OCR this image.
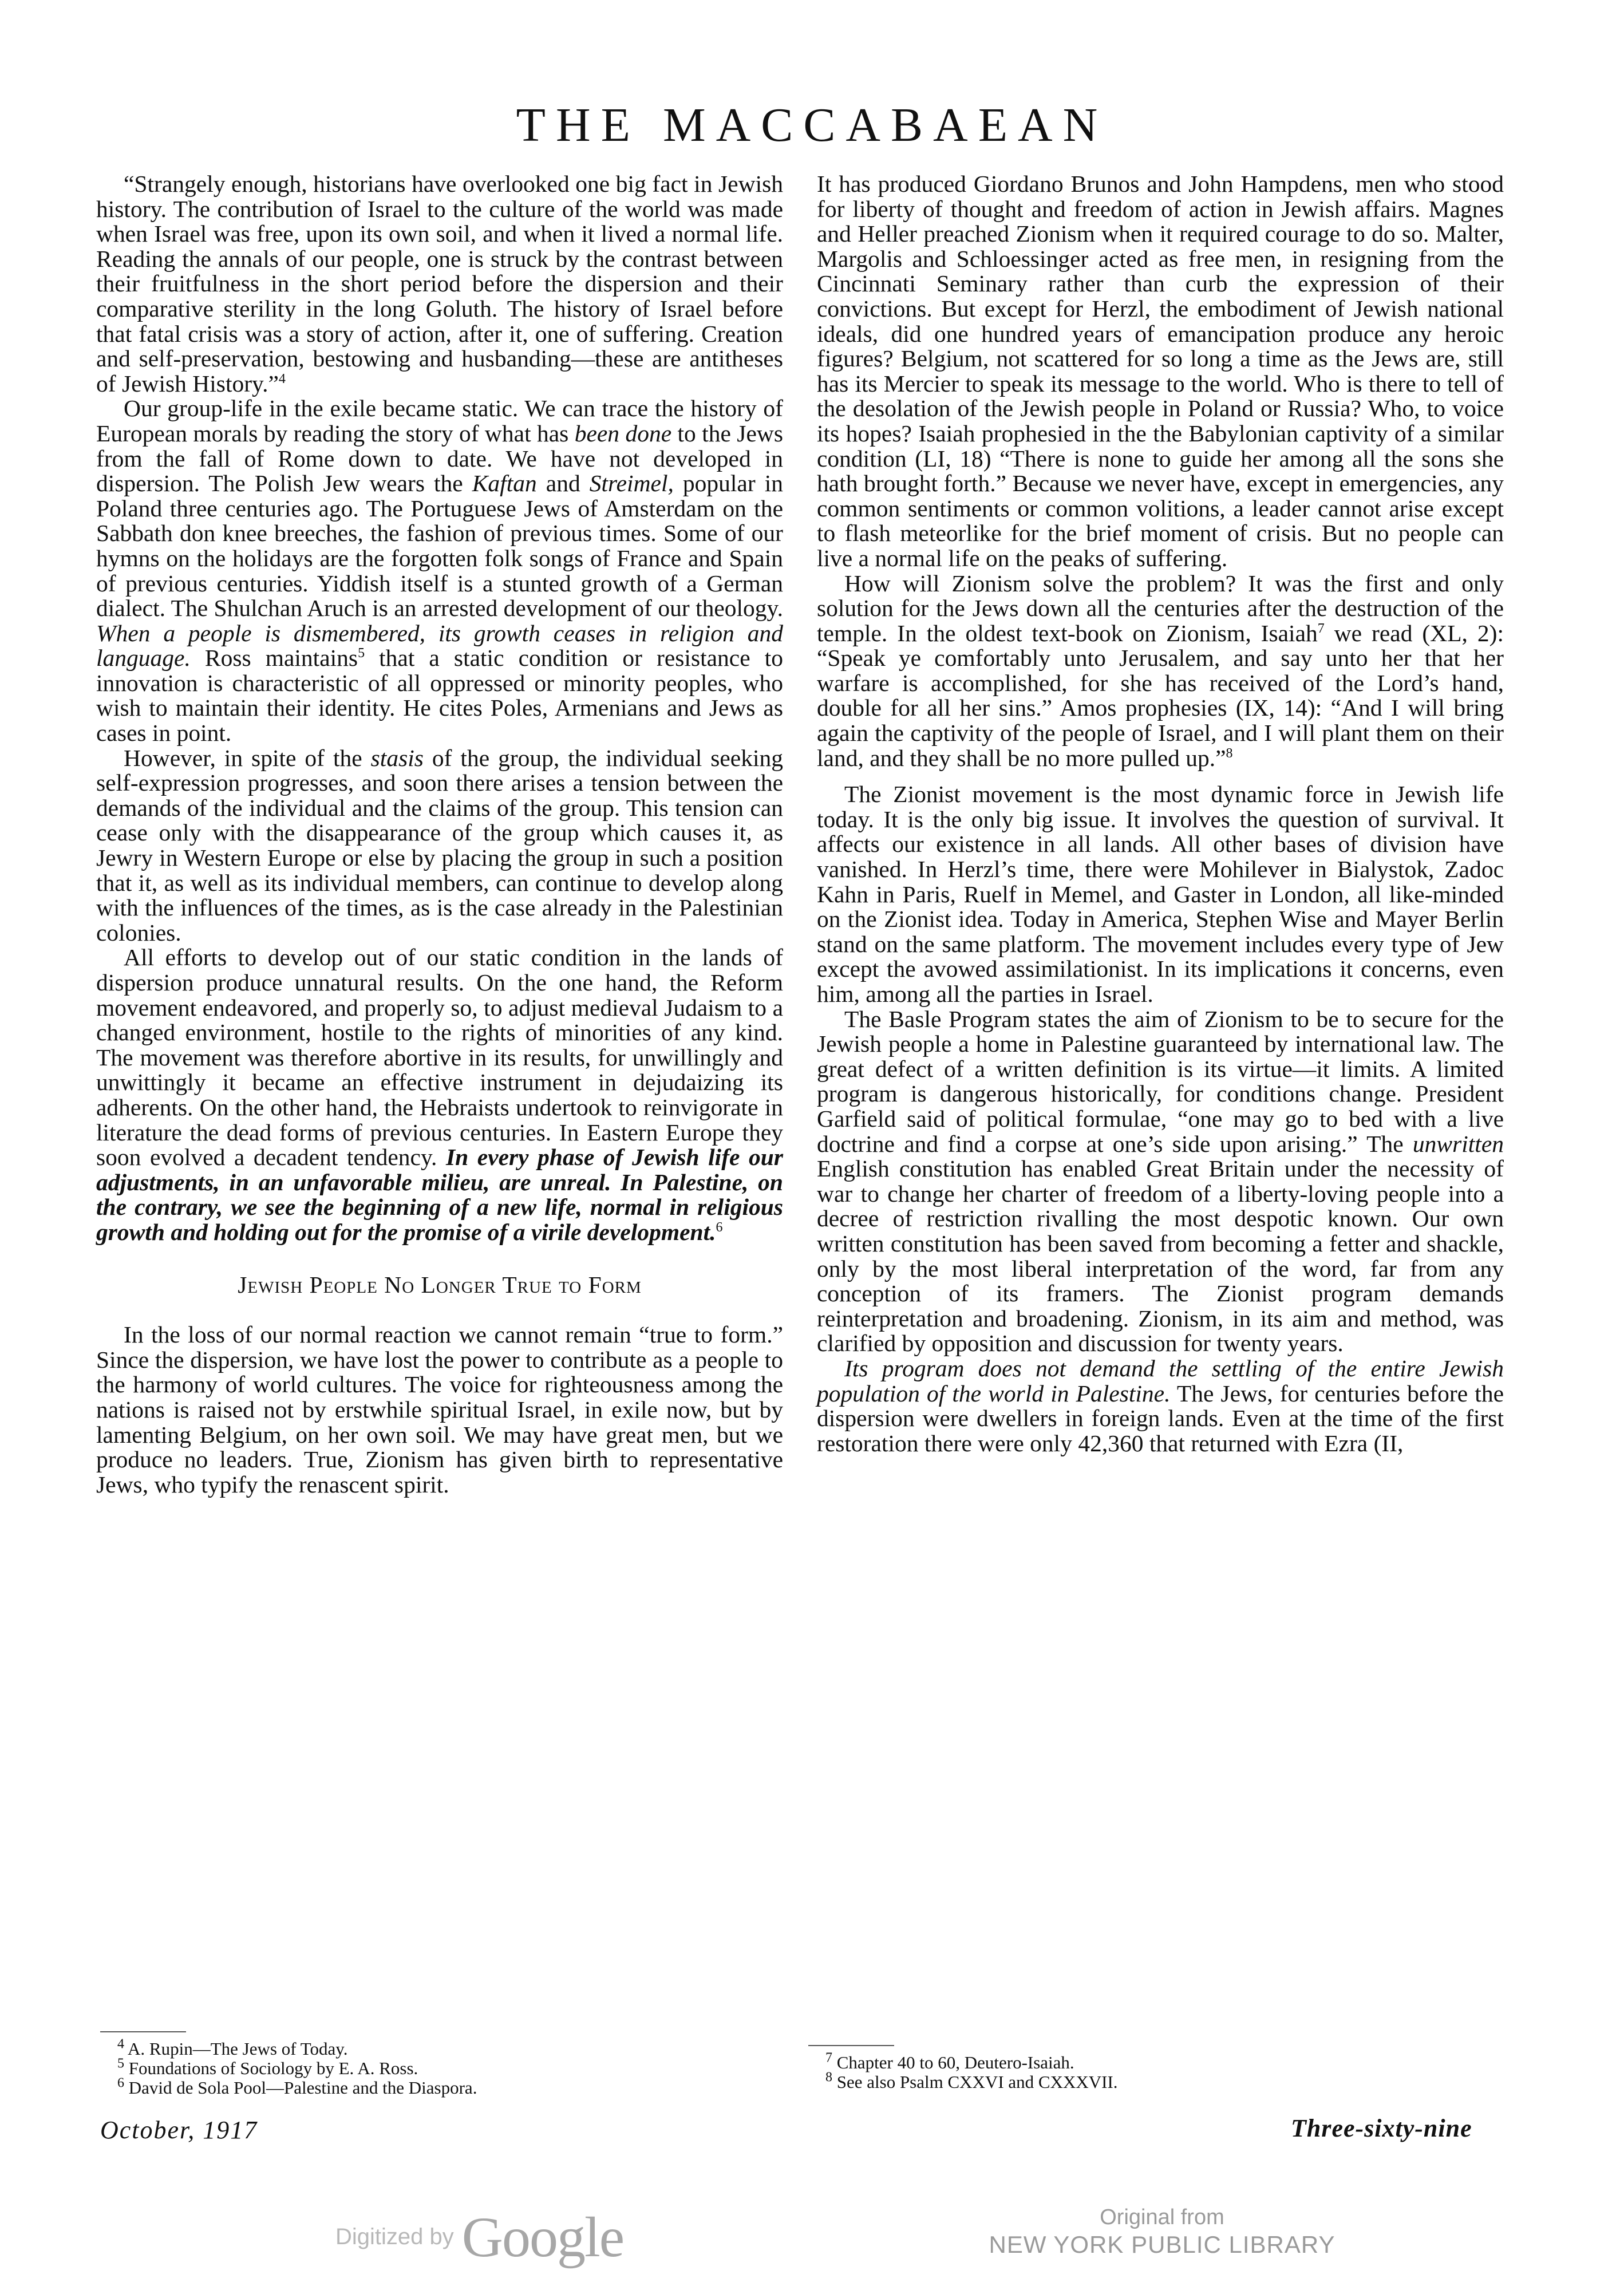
THE MACCABAEAN

“Strangely enough, historians have overlooked one big fact in Jewish history. The contribution of Israel to the culture of the world was made when Israel was free, upon its own soil, and when it lived a normal life. Reading the annals of our people, one is struck by the contrast between their fruitfulness in the short period before the dispersion and their comparative sterility in the long Goluth. The history of Israel before that fatal crisis was a story of action, after it, one of suffering. Creation and self-preservation, bestowing and husbanding—these are antitheses of Jewish History.”$^4$

Our group-life in the exile became static. We can trace the history of European morals by reading the story of what has been done to the Jews from the fall of Rome down to date. We have not developed in dispersion. The Polish Jew wears the Kaftan and Streimel, popular in Poland three centuries ago. The Portuguese Jews of Amsterdam on the Sabbath don knee breeches, the fashion of previous times. Some of our hymns on the holidays are the forgotten folk songs of France and Spain of previous centuries. Yiddish itself is a stunted growth of a German dialect. The Shulchan Aruch is an arrested development of our theology. When a people is dismembered, its growth ceases in religion and language. Ross maintains$^5$ that a static condition or resistance to innovation is characteristic of all oppressed or minority peoples, who wish to maintain their identity. He cites Poles, Armenians and Jews as cases in point.

However, in spite of the stasis of the group, the individual seeking self-expression progresses, and soon there arises a tension between the demands of the individual and the claims of the group. This tension can cease only with the disappearance of the group which causes it, as Jewry in Western Europe or else by placing the group in such a position that it, as well as its individual members, can continue to develop along with the influences of the times, as is the case already in the Palestinian colonies.

All efforts to develop out of our static condition in the lands of dispersion produce unnatural results. On the one hand, the Reform movement endeavored, and properly so, to adjust medieval Judaism to a changed environment, hostile to the rights of minorities of any kind. The movement was therefore abortive in its results, for unwillingly and unwittingly it became an effective instrument in dejudaizing its adherents. On the other hand, the Hebraists undertook to reinvigorate in literature the dead forms of previous centuries. In Eastern Europe they soon evolved a decadent tendency. In every phase of Jewish life our adjustments, in an unfavorable milieu, are unreal. In Palestine, on the contrary, we see the beginning of a new life, normal in religious growth and holding out for the promise of a virile development.$^6$

Jewish People No Longer True to Form

In the loss of our normal reaction we cannot remain “true to form.” Since the dispersion, we have lost the power to contribute as a people to the harmony of world cultures. The voice for righteousness among the nations is raised not by erstwhile spiritual Israel, in exile now, but by lamenting Belgium, on her own soil. We may have great men, but we produce no leaders. True, Zionism has given birth to representative Jews, who typify the renascent spirit.

It has produced Giordano Brunos and John Hampdens, men who stood for liberty of thought and freedom of action in Jewish affairs. Magnes and Heller preached Zionism when it required courage to do so. Malter, Margolis and Schloessinger acted as free men, in resigning from the Cincinnati Seminary rather than curb the expression of their convictions. But except for Herzl, the embodiment of Jewish national ideals, did one hundred years of emancipation produce any heroic figures? Belgium, not scattered for so long a time as the Jews are, still has its Mercier to speak its message to the world. Who is there to tell of the desolation of the Jewish people in Poland or Russia? Who, to voice its hopes? Isaiah prophesied in the the Babylonian captivity of a similar condition (LI, 18) “There is none to guide her among all the sons she hath brought forth.” Because we never have, except in emergencies, any common sentiments or common volitions, a leader cannot arise except to flash meteorlike for the brief moment of crisis. But no people can live a normal life on the peaks of suffering.

How will Zionism solve the problem? It was the first and only solution for the Jews down all the centuries after the destruction of the temple. In the oldest text-book on Zionism, Isaiah$^7$ we read (XL, 2): “Speak ye comfortably unto Jerusalem, and say unto her that her warfare is accomplished, for she has received of the Lord’s hand, double for all her sins.” Amos prophesies (IX, 14): “And I will bring again the captivity of the people of Israel, and I will plant them on their land, and they shall be no more pulled up.”$^8$

The Zionist movement is the most dynamic force in Jewish life today. It is the only big issue. It involves the question of survival. It affects our existence in all lands. All other bases of division have vanished. In Herzl’s time, there were Mohilever in Bialystok, Zadoc Kahn in Paris, Ruelf in Memel, and Gaster in London, all like-minded on the Zionist idea. Today in America, Stephen Wise and Mayer Berlin stand on the same platform. The movement includes every type of Jew except the avowed assimilationist. In its implications it concerns, even him, among all the parties in Israel.

The Basle Program states the aim of Zionism to be to secure for the Jewish people a home in Palestine guaranteed by international law. The great defect of a written definition is its virtue—it limits. A limited program is dangerous historically, for conditions change. President Garfield said of political formulae, “one may go to bed with a live doctrine and find a corpse at one’s side upon arising.” The unwritten English constitution has enabled Great Britain under the necessity of war to change her charter of freedom of a liberty-loving people into a decree of restriction rivalling the most despotic known. Our own written constitution has been saved from becoming a fetter and shackle, only by the most liberal interpretation of the word, far from any conception of its framers. The Zionist program demands reinterpretation and broadening. Zionism, in its aim and method, was clarified by opposition and discussion for twenty years.

Its program does not demand the settling of the entire Jewish population of the world in Palestine. The Jews, for centuries before the dispersion were dwellers in foreign lands. Even at the time of the first restoration there were only 42,360 that returned with Ezra (II,

$^4$ A. Rupin—The Jews of Today.
$^5$ Foundations of Sociology by E. A. Ross.
$^6$ David de Sola Pool—Palestine and the Diaspora.
$^7$ Chapter 40 to 60, Deutero-Isaiah.
$^8$ See also Psalm CXXVI and CXXXVII.
October, 1917	Three-sixty-nine
Digitized by Google	Original from
NEW YORK PUBLIC LIBRARY
